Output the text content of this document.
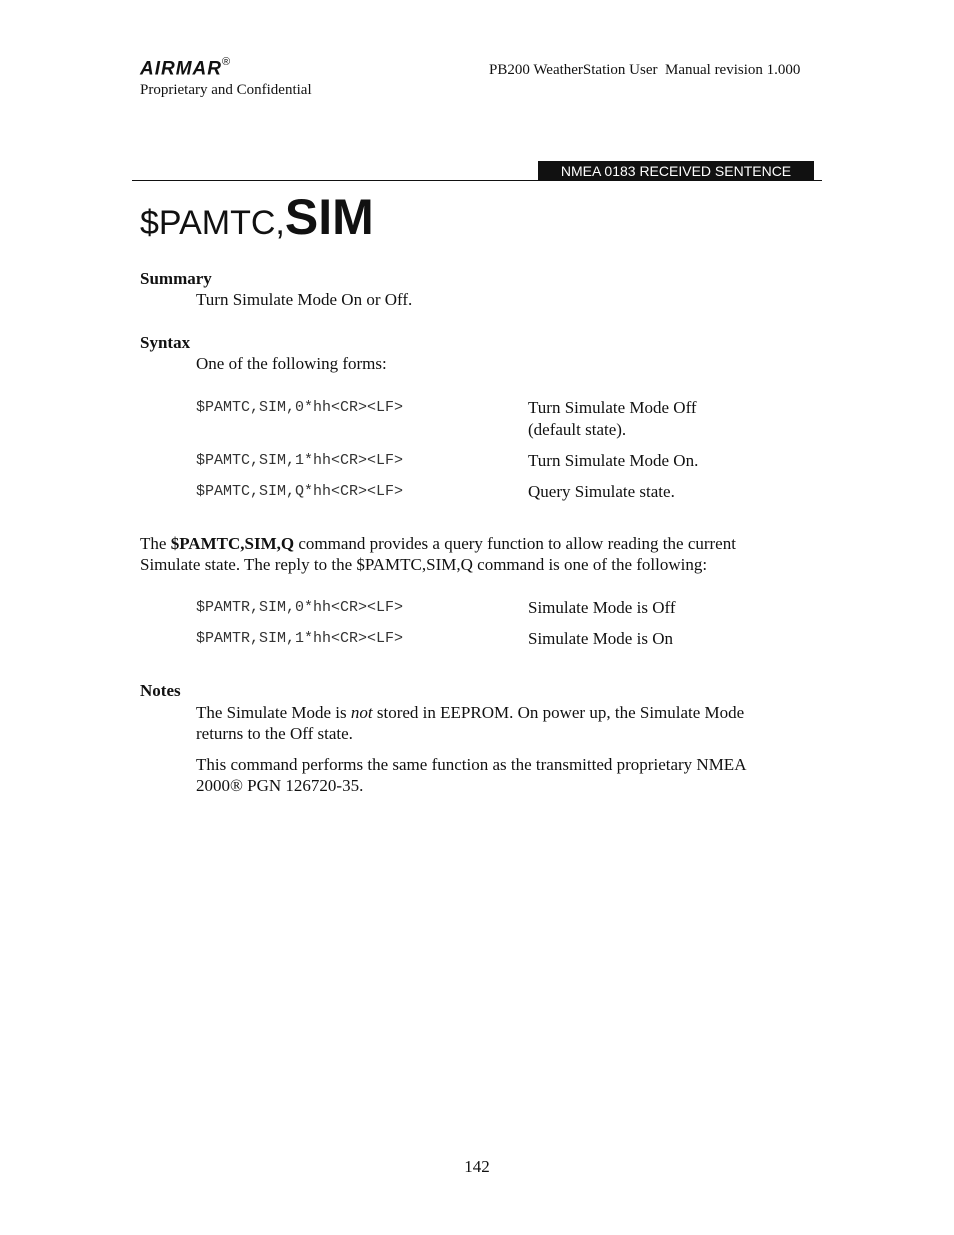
AIRMAR®
Proprietary and Confidential
PB200 WeatherStation User  Manual revision 1.000
NMEA 0183 RECEIVED SENTENCE
$PAMTC,SIM
Summary
Turn Simulate Mode On or Off.
Syntax
One of the following forms:
$PAMTC,SIM,0*hh<CR><LF>	Turn Simulate Mode Off
(default state).
$PAMTC,SIM,1*hh<CR><LF>	Turn Simulate Mode On.
$PAMTC,SIM,Q*hh<CR><LF>	Query Simulate state.
The $PAMTC,SIM,Q command provides a query function to allow reading the current
Simulate state. The reply to the $PAMTC,SIM,Q command is one of the following:
$PAMTR,SIM,0*hh<CR><LF>	Simulate Mode is Off
$PAMTR,SIM,1*hh<CR><LF>	Simulate Mode is On
Notes
The Simulate Mode is not stored in EEPROM. On power up, the Simulate Mode
returns to the Off state.
This command performs the same function as the transmitted proprietary NMEA
2000® PGN 126720-35.
142
